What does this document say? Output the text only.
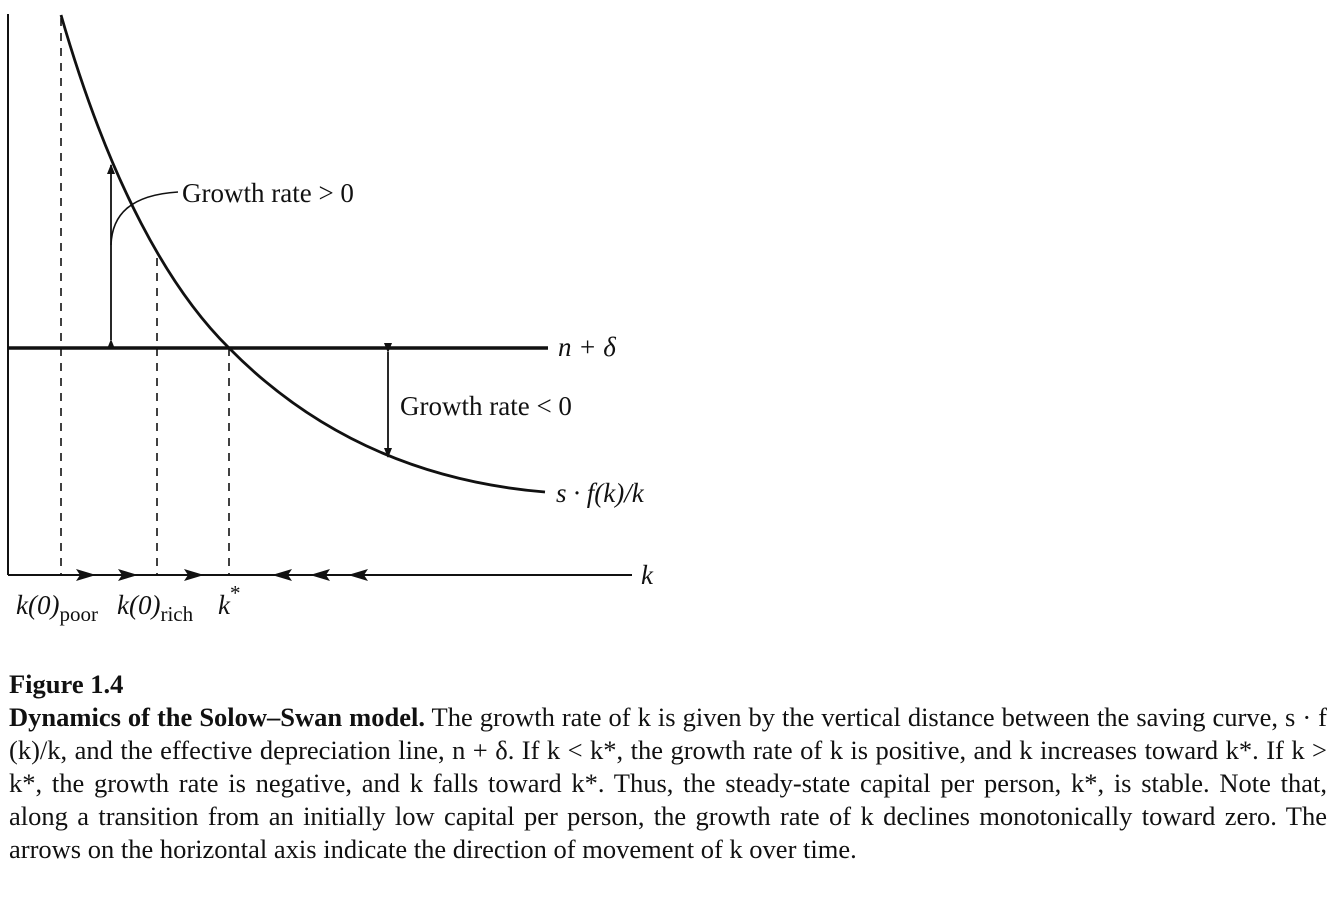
Growth rate > 0
Growth rate < 0
n + δ
s · f(k)/k
k
k(0)poor k(0)rich k*
Figure 1.4
Dynamics of the Solow–Swan model. The growth rate of k is given by the vertical distance between the saving curve, s · f (k)/k, and the effective depreciation line, n + δ. If k < k*, the growth rate of k is positive, and k increases toward k*. If k > k*, the growth rate is negative, and k falls toward k*. Thus, the steady-state capital per person, k*, is stable. Note that, along a transition from an initially low capital per person, the growth rate of k declines monotonically toward zero. The arrows on the horizontal axis indicate the direction of movement of k over time.
